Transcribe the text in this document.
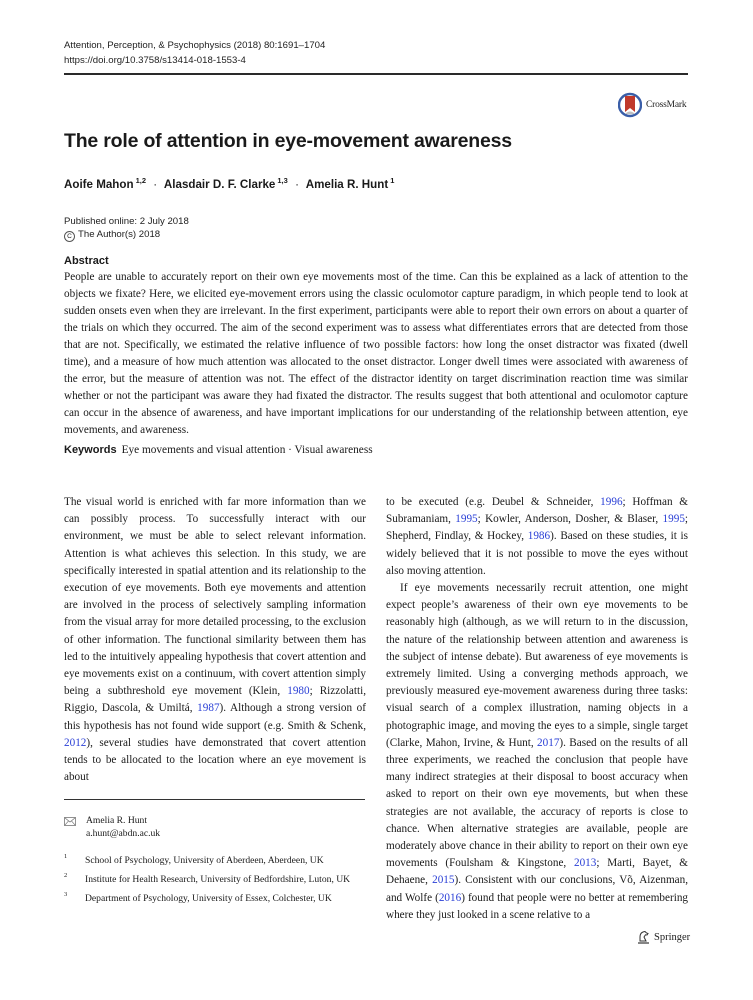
Attention, Perception, & Psychophysics (2018) 80:1691–1704
https://doi.org/10.3758/s13414-018-1553-4
CrossMark
The role of attention in eye-movement awareness
Aoife Mahon $^{1,2}$ · Alasdair D. F. Clarke $^{1,3}$ · Amelia R. Hunt $^1$
Published online: 2 July 2018
C The Author(s) 2018
Abstract

People are unable to accurately report on their own eye movements most of the time. Can this be explained as a lack of attention to the objects we fixate? Here, we elicited eye-movement errors using the classic oculomotor capture paradigm, in which people tend to look at sudden onsets even when they are irrelevant. In the first experiment, participants were able to report their own errors on about a quarter of the trials on which they occurred. The aim of the second experiment was to assess what differentiates errors that are detected from those that are not. Specifically, we estimated the relative influence of two possible factors: how long the onset distractor was fixated (dwell time), and a measure of how much attention was allocated to the onset distractor. Longer dwell times were associated with awareness of the error, but the measure of attention was not. The effect of the distractor identity on target discrimination reaction time was similar whether or not the participant was aware they had fixated the distractor. The results suggest that both attentional and oculomotor capture can occur in the absence of awareness, and have important implications for our understanding of the relationship between attention, eye movements, and awareness.

Keywords Eye movements and visual attention · Visual awareness

The visual world is enriched with far more information than we can possibly process. To successfully interact with our environment, we must be able to select relevant information. Attention is what achieves this selection. In this study, we are specifically interested in spatial attention and its relationship to the execution of eye movements. Both eye movements and attention are involved in the process of selectively sampling information from the visual array for more detailed processing, to the exclusion of other information. The functional similarity between them has led to the intuitively appealing hypothesis that covert attention and eye movements exist on a continuum, with covert attention simply being a subthreshold eye movement (Klein, 1980; Rizzolatti, Riggio, Dascola, & Umiltá, 1987). Although a strong version of this hypothesis has not found wide support (e.g. Smith & Schenk, 2012), several studies have demonstrated that covert attention tends to be allocated to the location where an eye movement is about

to be executed (e.g. Deubel & Schneider, 1996; Hoffman & Subramaniam, 1995; Kowler, Anderson, Dosher, & Blaser, 1995; Shepherd, Findlay, & Hockey, 1986). Based on these studies, it is widely believed that it is not possible to move the eyes without also moving attention.

If eye movements necessarily recruit attention, one might expect people’s awareness of their own eye movements to be reasonably high (although, as we will return to in the discussion, the nature of the relationship between attention and awareness is the subject of intense debate). But awareness of eye movements is extremely limited. Using a converging methods approach, we previously measured eye-movement awareness during three tasks: visual search of a complex illustration, naming objects in a photographic image, and moving the eyes to a simple, single target (Clarke, Mahon, Irvine, & Hunt, 2017). Based on the results of all three experiments, we reached the conclusion that people have many indirect strategies at their disposal to boost accuracy when asked to report on their own eye movements, but when these strategies are not available, the accuracy of reports is close to chance. When alternative strategies are available, people are moderately above chance in their ability to report on their own eye movements (Foulsham & Kingstone, 2013; Marti, Bayet, & Dehaene, 2015). Consistent with our conclusions, Võ, Aizenman, and Wolfe (2016) found that people were no better at remembering where they just looked in a scene relative to a

Amelia R. Hunt
a.hunt@abdn.ac.uk
1	School of Psychology, University of Aberdeen, Aberdeen, UK
2	Institute for Health Research, University of Bedfordshire, Luton, UK
3	Department of Psychology, University of Essex, Colchester, UK
Springer
